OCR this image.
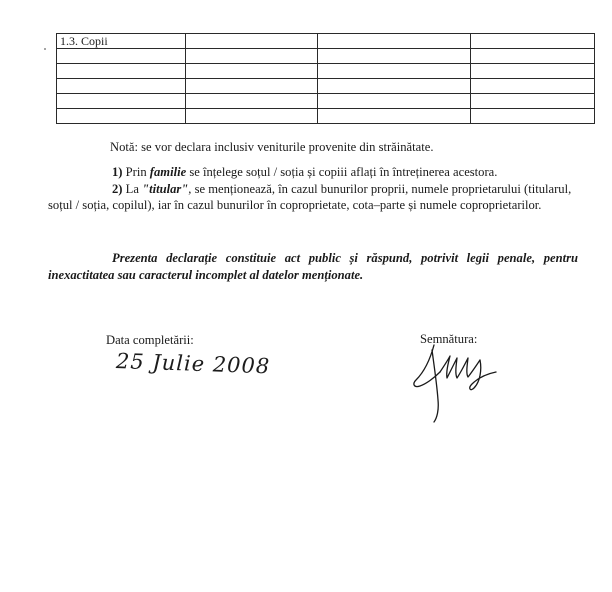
1.3. Copii			

Notă: se vor declara inclusiv veniturile provenite din străinătate.
1) Prin familie se înțelege soțul / soția și copiii aflați în întreținerea acestora.
2) La "titular", se menționează, în cazul bunurilor proprii, numele proprietarului (titularul,
soțul / soția, copilul), iar în cazul bunurilor în coproprietate, cota–parte și numele coproprietarilor.
Prezenta declarație constituie act public și răspund, potrivit legii penale, pentru inexactitatea sau caracterul incomplet al datelor menționate.
Data completării:
25 Julie 2008
Semnătura:
